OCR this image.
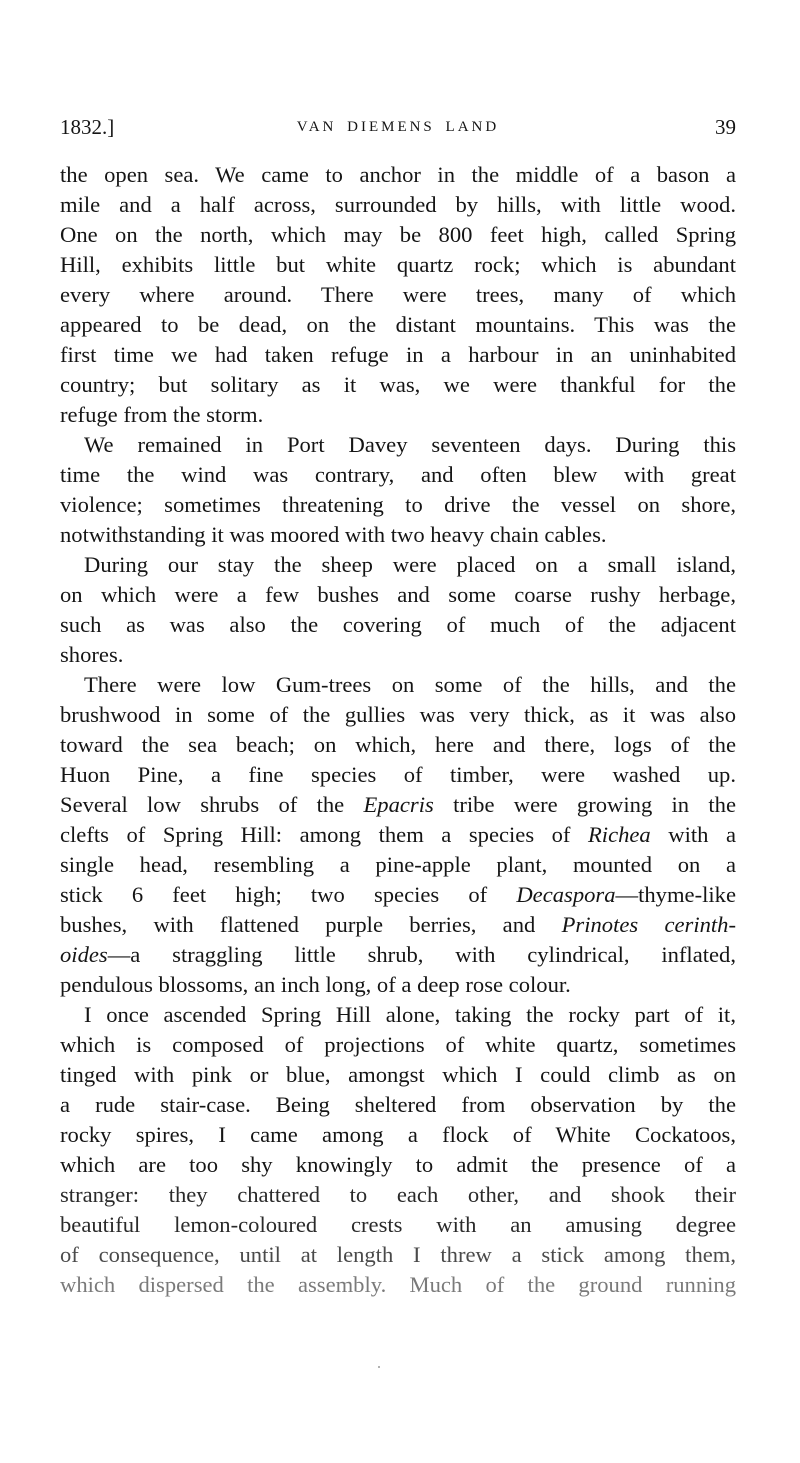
1832.]	VAN DIEMENS LAND	39
the open sea. We came to anchor in the middle of a bason a
mile and a half across, surrounded by hills, with little wood.
One on the north, which may be 800 feet high, called Spring
Hill, exhibits little but white quartz rock; which is abundant
every where around. There were trees, many of which
appeared to be dead, on the distant mountains. This was the
first time we had taken refuge in a harbour in an uninhabited
country; but solitary as it was, we were thankful for the
refuge from the storm.
We remained in Port Davey seventeen days. During this
time the wind was contrary, and often blew with great
violence; sometimes threatening to drive the vessel on shore,
notwithstanding it was moored with two heavy chain cables.
During our stay the sheep were placed on a small island,
on which were a few bushes and some coarse rushy herbage,
such as was also the covering of much of the adjacent
shores.
There were low Gum-trees on some of the hills, and the
brushwood in some of the gullies was very thick, as it was also
toward the sea beach; on which, here and there, logs of the
Huon Pine, a fine species of timber, were washed up.
Several low shrubs of the Epacris tribe were growing in the
clefts of Spring Hill: among them a species of Richea with a
single head, resembling a pine-apple plant, mounted on a
stick 6 feet high; two species of Decaspora—thyme-like
bushes, with flattened purple berries, and Prinotes cerinth-
oides—a straggling little shrub, with cylindrical, inflated,
pendulous blossoms, an inch long, of a deep rose colour.
I once ascended Spring Hill alone, taking the rocky part of it,
which is composed of projections of white quartz, sometimes
tinged with pink or blue, amongst which I could climb as on
a rude stair-case. Being sheltered from observation by the
rocky spires, I came among a flock of White Cockatoos,
which are too shy knowingly to admit the presence of a
stranger: they chattered to each other, and shook their
beautiful lemon-coloured crests with an amusing degree
of consequence, until at length I threw a stick among them,
which dispersed the assembly. Much of the ground running
